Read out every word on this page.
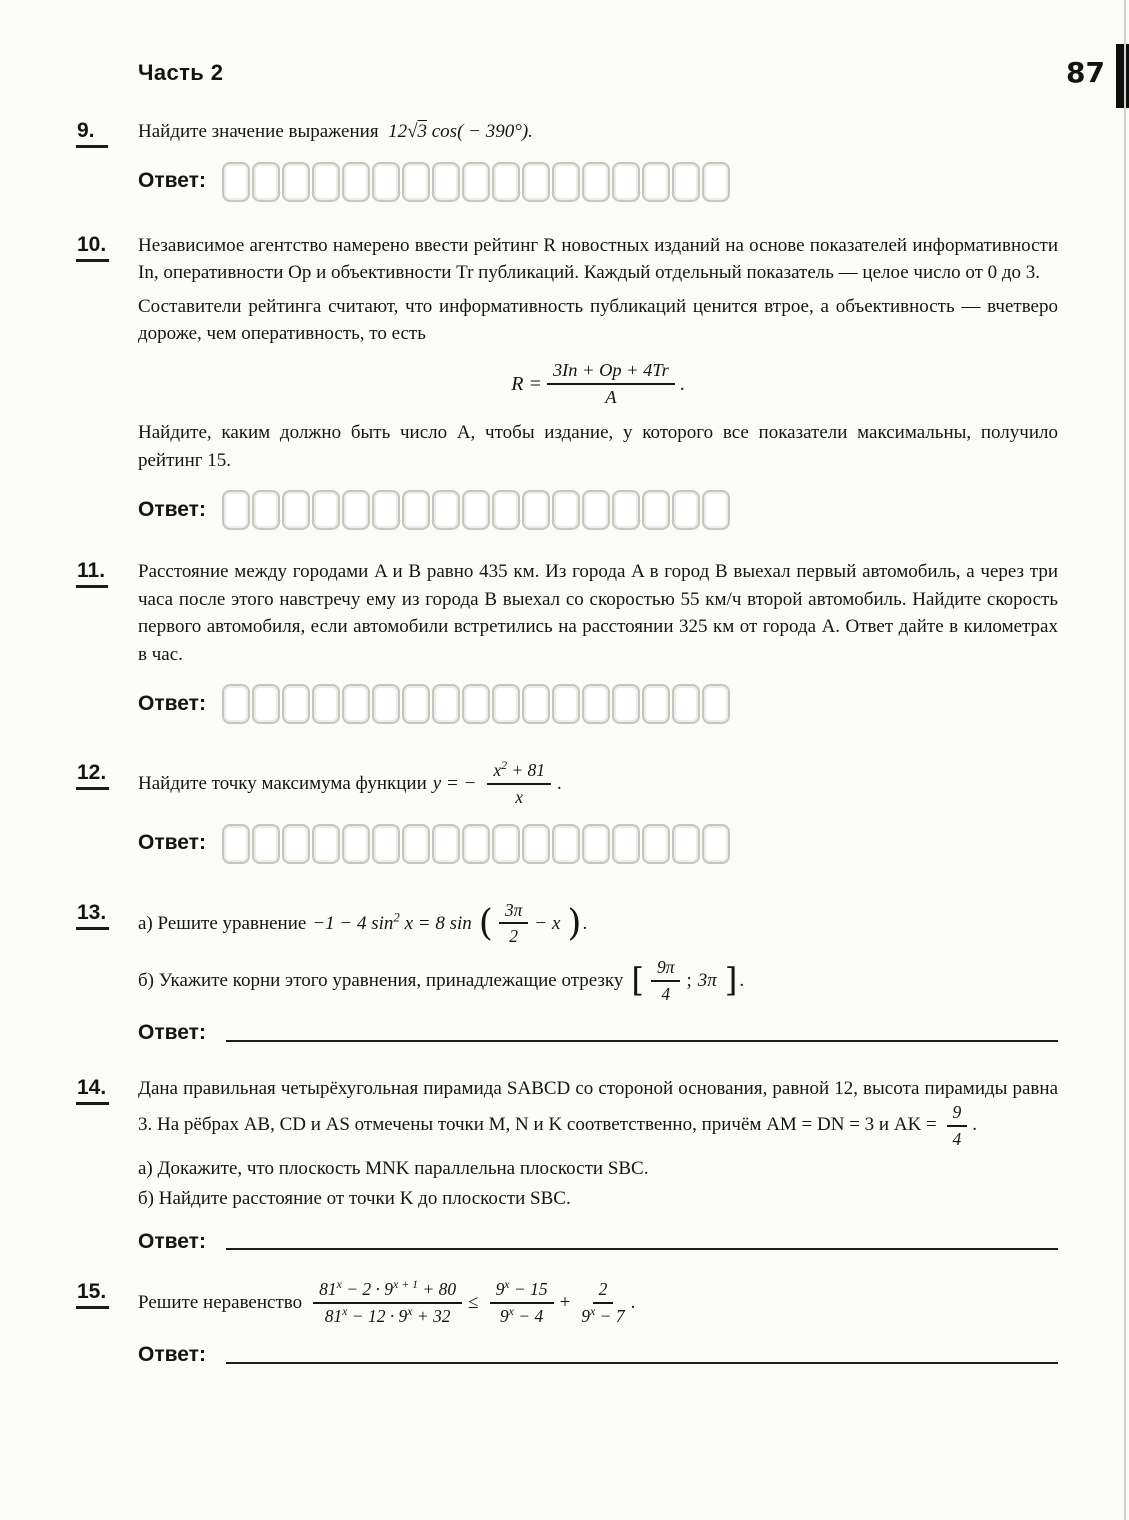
Часть 2	87
9.	Найдите значение выражения 12√3 cos( − 390°).

Ответ:
10.	Независимое агентство намерено ввести рейтинг R новостных изданий на основе показателей информативности In, оперативности Op и объективности Tr публикаций. Каждый отдельный показатель — целое число от 0 до 3.

Составители рейтинга считают, что информативность публикаций ценится втрое, а объективность — вчетверо дороже, чем оперативность, то есть

$R = \frac{3In + Op + 4Tr}{A}$ .

Найдите, каким должно быть число A, чтобы издание, у которого все показатели максимальны, получило рейтинг 15.

Ответ:
11.	Расстояние между городами A и B равно 435 км. Из города A в город B выехал первый автомобиль, а через три часа после этого навстречу ему из города B выехал со скоростью 55 км/ч второй автомобиль. Найдите скорость первого автомобиля, если автомобили встретились на расстоянии 325 км от города A. Ответ дайте в километрах в час.

Ответ:
12.	Найдите точку максимума функции y = − $\frac{x^2 + 81}{x}$ .
Ответ:
13.	а) Решите уравнение −1 − 4 $\sin^2 x = 8$ sin ( $\frac{3\pi}{2} - x$ ) .
б) Укажите корни этого уравнения, принадлежащие отрезку [ $\frac{9\pi}{4}$ ; 3π ] .
Ответ:
14.	Дана правильная четырёхугольная пирамида SABCD со стороной основания, равной 12, высота пирамиды равна 3. На рёбрах AB, CD и AS отмечены точки M, N и K соответственно, причём AM = DN = 3 и AK = $\frac{9}{4}$ .

а) Докажите, что плоскость MNK параллельна плоскости SBC.

б) Найдите расстояние от точки K до плоскости SBC.

Ответ:
15.	Решите неравенство $\frac{81^x - 2 \cdot 9^{x + 1} + 80}{81^x - 12 \cdot 9^x + 32} \le \frac{9^x - 15}{9^x - 4} + \frac{2}{9^x - 7}$ .
Ответ:
